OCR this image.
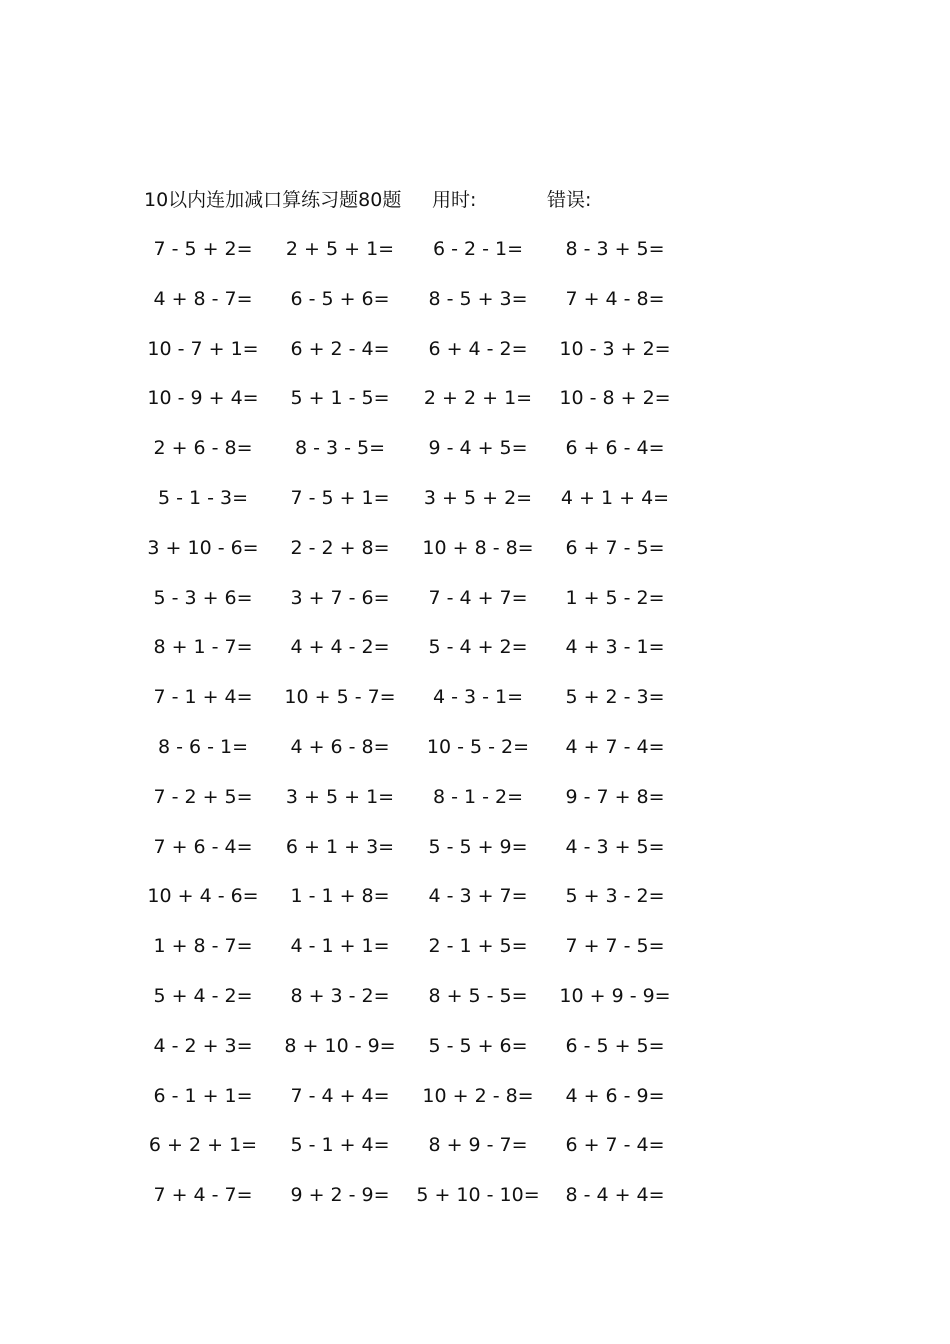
10以内连加减口算练习题80题 用时:	错误:
7 - 5 + 2=	2 + 5 + 1=	6 - 2 - 1=	8 - 3 + 5=
4 + 8 - 7=	6 - 5 + 6=	8 - 5 + 3=	7 + 4 - 8=
10 - 7 + 1=	6 + 2 - 4=	6 + 4 - 2=	10 - 3 + 2=
10 - 9 + 4=	5 + 1 - 5=	2 + 2 + 1=	10 - 8 + 2=
2 + 6 - 8=	8 - 3 - 5=	9 - 4 + 5=	6 + 6 - 4=
5 - 1 - 3=	7 - 5 + 1=	3 + 5 + 2=	4 + 1 + 4=
3 + 10 - 6=	2 - 2 + 8=	10 + 8 - 8=	6 + 7 - 5=
5 - 3 + 6=	3 + 7 - 6=	7 - 4 + 7=	1 + 5 - 2=
8 + 1 - 7=	4 + 4 - 2=	5 - 4 + 2=	4 + 3 - 1=
7 - 1 + 4=	10 + 5 - 7=	4 - 3 - 1=	5 + 2 - 3=
8 - 6 - 1=	4 + 6 - 8=	10 - 5 - 2=	4 + 7 - 4=
7 - 2 + 5=	3 + 5 + 1=	8 - 1 - 2=	9 - 7 + 8=
7 + 6 - 4=	6 + 1 + 3=	5 - 5 + 9=	4 - 3 + 5=
10 + 4 - 6=	1 - 1 + 8=	4 - 3 + 7=	5 + 3 - 2=
1 + 8 - 7=	4 - 1 + 1=	2 - 1 + 5=	7 + 7 - 5=
5 + 4 - 2=	8 + 3 - 2=	8 + 5 - 5=	10 + 9 - 9=
4 - 2 + 3=	8 + 10 - 9=	5 - 5 + 6=	6 - 5 + 5=
6 - 1 + 1=	7 - 4 + 4=	10 + 2 - 8=	4 + 6 - 9=
6 + 2 + 1=	5 - 1 + 4=	8 + 9 - 7=	6 + 7 - 4=
7 + 4 - 7=	9 + 2 - 9=	5 + 10 - 10=	8 - 4 + 4=
